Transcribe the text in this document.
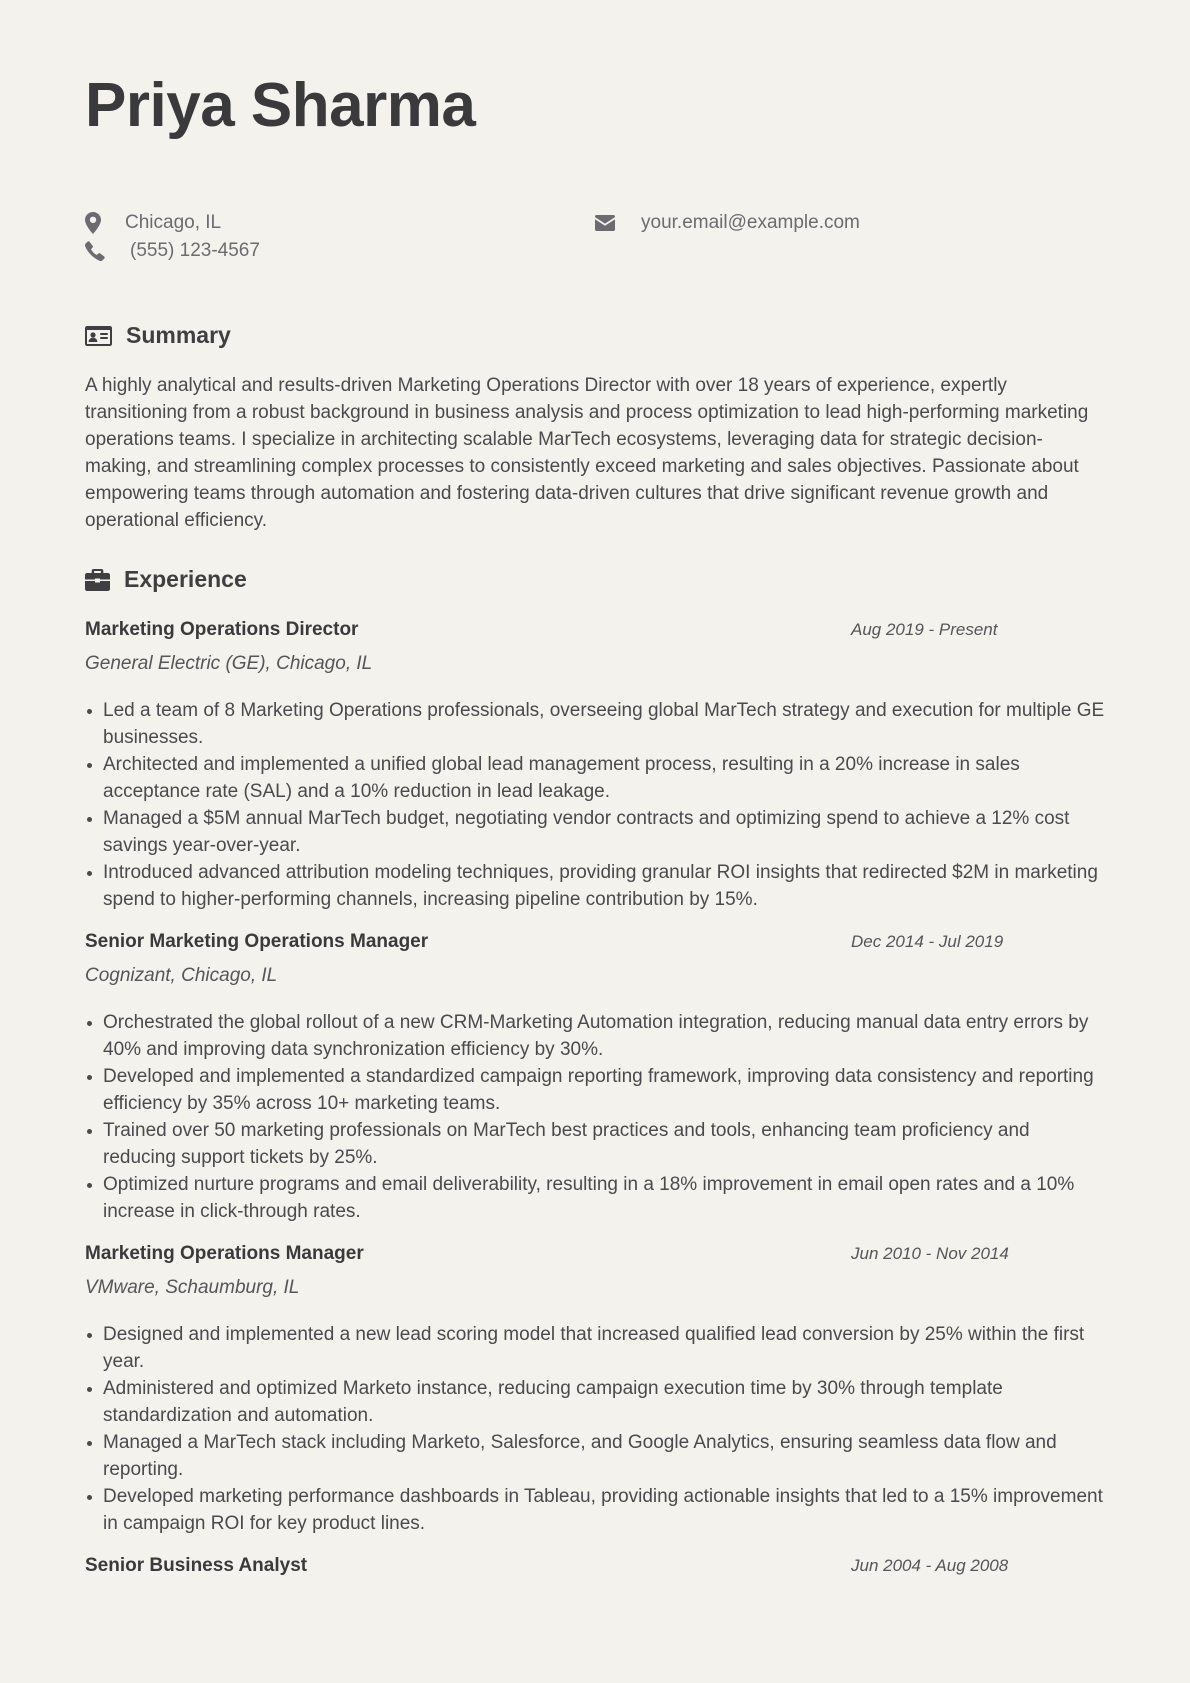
Priya Sharma
Chicago, IL
(555) 123-4567
your.email@example.com
Summary

A highly analytical and results-driven Marketing Operations Director with over 18 years of experience, expertly transitioning from a robust background in business analysis and process optimization to lead high-performing marketing operations teams. I specialize in architecting scalable MarTech ecosystems, leveraging data for strategic decision-making, and streamlining complex processes to consistently exceed marketing and sales objectives. Passionate about empowering teams through automation and fostering data-driven cultures that drive significant revenue growth and operational efficiency.

Experience
Marketing Operations Director	Aug 2019 - Present
General Electric (GE), Chicago, IL
Led a team of 8 Marketing Operations professionals, overseeing global MarTech strategy and execution for multiple GE businesses.
Architected and implemented a unified global lead management process, resulting in a 20% increase in sales acceptance rate (SAL) and a 10% reduction in lead leakage.
Managed a $5M annual MarTech budget, negotiating vendor contracts and optimizing spend to achieve a 12% cost savings year-over-year.
Introduced advanced attribution modeling techniques, providing granular ROI insights that redirected $2M in marketing spend to higher-performing channels, increasing pipeline contribution by 15%.
Senior Marketing Operations Manager	Dec 2014 - Jul 2019
Cognizant, Chicago, IL
Orchestrated the global rollout of a new CRM-Marketing Automation integration, reducing manual data entry errors by 40% and improving data synchronization efficiency by 30%.
Developed and implemented a standardized campaign reporting framework, improving data consistency and reporting efficiency by 35% across 10+ marketing teams.
Trained over 50 marketing professionals on MarTech best practices and tools, enhancing team proficiency and reducing support tickets by 25%.
Optimized nurture programs and email deliverability, resulting in a 18% improvement in email open rates and a 10% increase in click-through rates.
Marketing Operations Manager	Jun 2010 - Nov 2014
VMware, Schaumburg, IL
Designed and implemented a new lead scoring model that increased qualified lead conversion by 25% within the first year.
Administered and optimized Marketo instance, reducing campaign execution time by 30% through template standardization and automation.
Managed a MarTech stack including Marketo, Salesforce, and Google Analytics, ensuring seamless data flow and reporting.
Developed marketing performance dashboards in Tableau, providing actionable insights that led to a 15% improvement in campaign ROI for key product lines.
Senior Business Analyst	Jun 2004 - Aug 2008
